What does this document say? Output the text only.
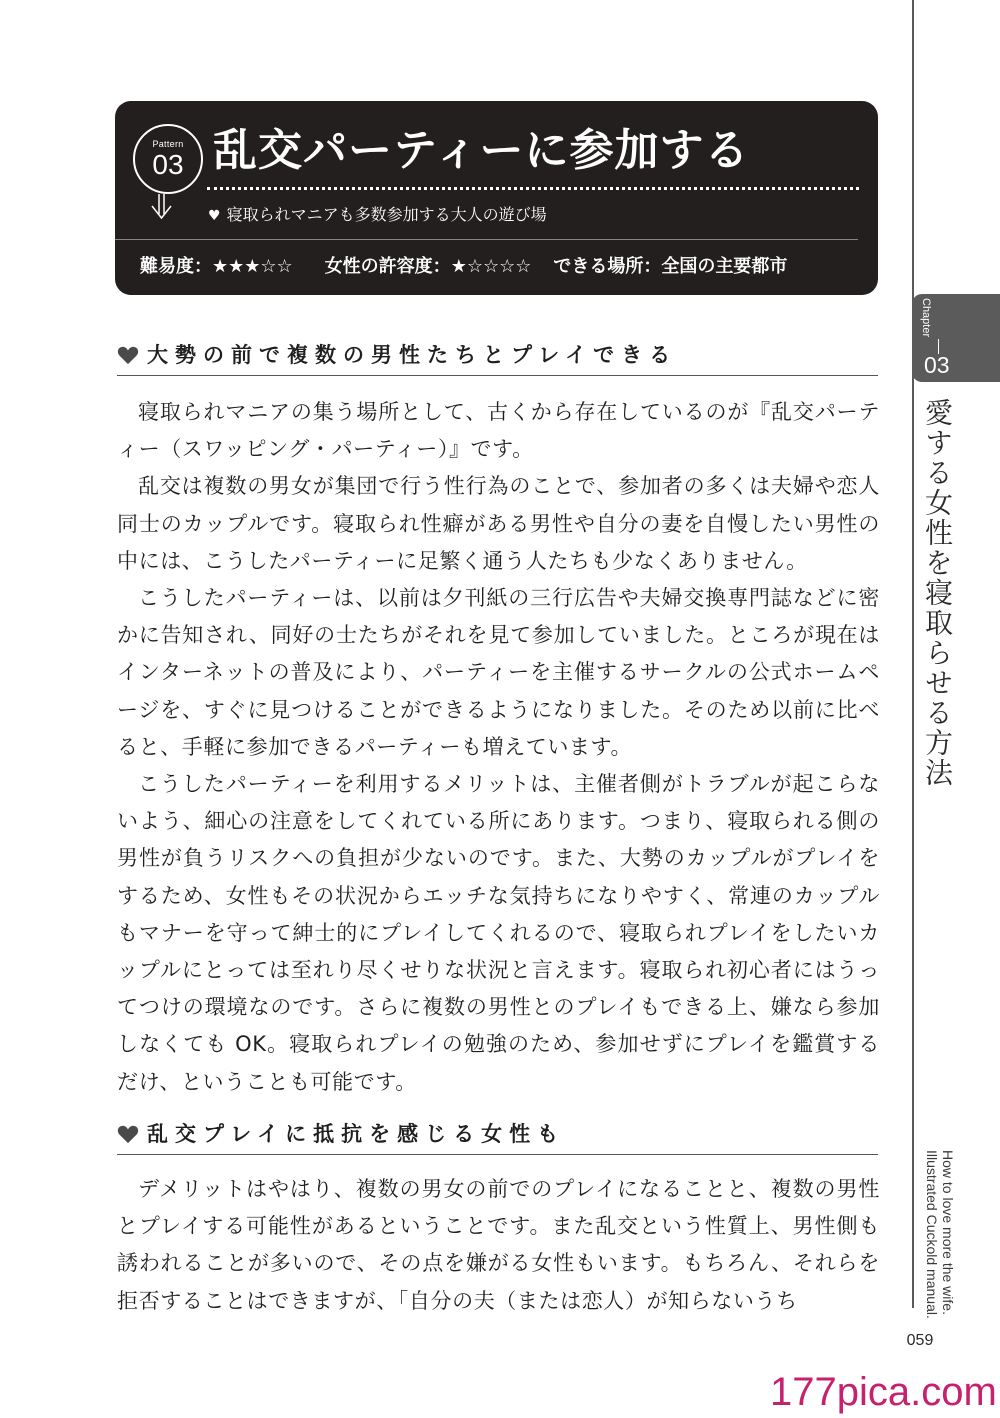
Pattern
03 乱交パーティーに参加する
♥ 寝取られマニアも多数参加する大人の遊び場
難易度：★★★☆☆ 女性の許容度：★☆☆☆☆ できる場所：全国の主要都市
大勢の前で複数の男性たちとプレイできる

寝取られマニアの集う場所として、古くから存在しているのが『乱交パーティー（スワッピング・パーティー）』です。

乱交は複数の男女が集団で行う性行為のことで、参加者の多くは夫婦や恋人同士のカップルです。寝取られ性癖がある男性や自分の妻を自慢したい男性の中には、こうしたパーティーに足繁く通う人たちも少なくありません。

こうしたパーティーは、以前は夕刊紙の三行広告や夫婦交換専門誌などに密かに告知され、同好の士たちがそれを見て参加していました。ところが現在はインターネットの普及により、パーティーを主催するサークルの公式ホームページを、すぐに見つけることができるようになりました。そのため以前に比べると、手軽に参加できるパーティーも増えています。

こうしたパーティーを利用するメリットは、主催者側がトラブルが起こらないよう、細心の注意をしてくれている所にあります。つまり、寝取られる側の男性が負うリスクへの負担が少ないのです。また、大勢のカップルがプレイをするため、女性もその状況からエッチな気持ちになりやすく、常連のカップルもマナーを守って紳士的にプレイしてくれるので、寝取られプレイをしたいカップルにとっては至れり尽くせりな状況と言えます。寝取られ初心者にはうってつけの環境なのです。さらに複数の男性とのプレイもできる上、嫌なら参加しなくても OK。寝取られプレイの勉強のため、参加せずにプレイを鑑賞するだけ、ということも可能です。

乱交プレイに抵抗を感じる女性も

デメリットはやはり、複数の男女の前でのプレイになることと、複数の男性とプレイする可能性があるということです。また乱交という性質上、男性側も誘われることが多いので、その点を嫌がる女性もいます。もちろん、それらを拒否することはできますが、「自分の夫（または恋人）が知らないうち

Chapter
03
愛する女性を寝取らせる方法
How to love more the wife.
Illustrated Cuckold manual.
059
177pica.com
